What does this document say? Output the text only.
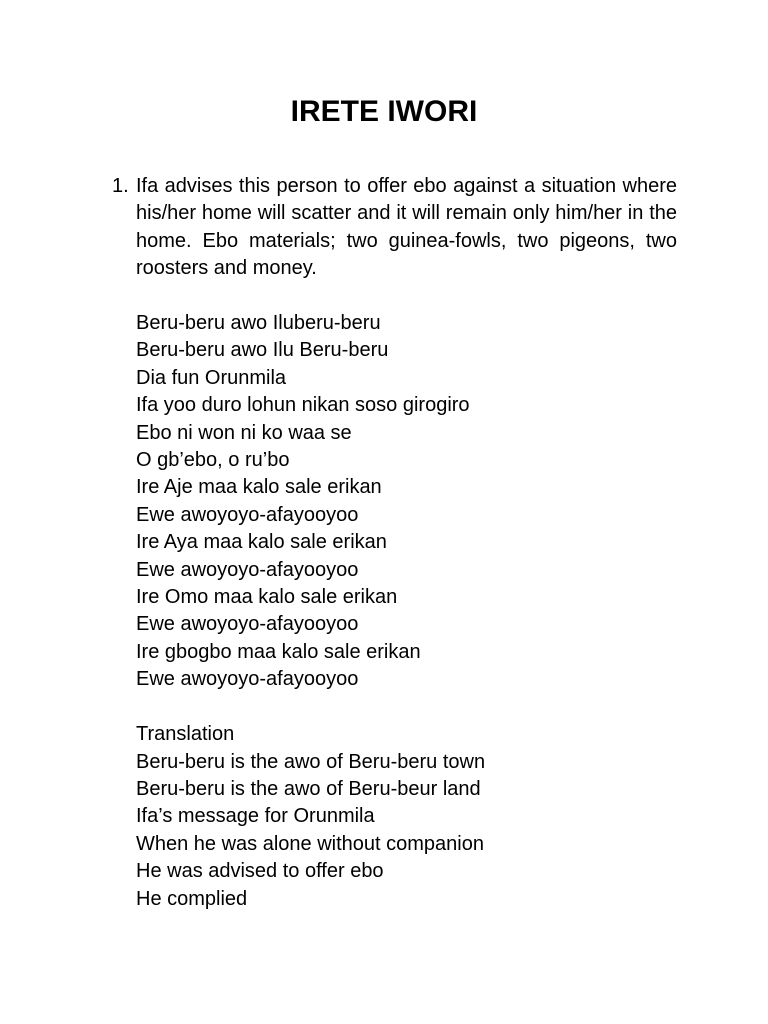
IRETE IWORI
1. Ifa advises this person to offer ebo against a situation where his/her home will scatter and it will remain only him/her in the home. Ebo materials; two guinea-fowls, two pigeons, two roosters and money.

Beru-beru awo Iluberu-beru
Beru-beru awo Ilu Beru-beru
Dia fun Orunmila
Ifa yoo duro lohun nikan soso girogiro
Ebo ni won ni ko waa se
O gb’ebo, o ru’bo
Ire Aje maa kalo sale erikan
Ewe awoyoyo-afayooyoo
Ire Aya maa kalo sale erikan
Ewe awoyoyo-afayooyoo
Ire Omo maa kalo sale erikan
Ewe awoyoyo-afayooyoo
Ire gbogbo maa kalo sale erikan
Ewe awoyoyo-afayooyoo
Translation
Beru-beru is the awo of Beru-beru town
Beru-beru is the awo of Beru-beur land
Ifa’s message for Orunmila
When he was alone without companion
He was advised to offer ebo
He complied
